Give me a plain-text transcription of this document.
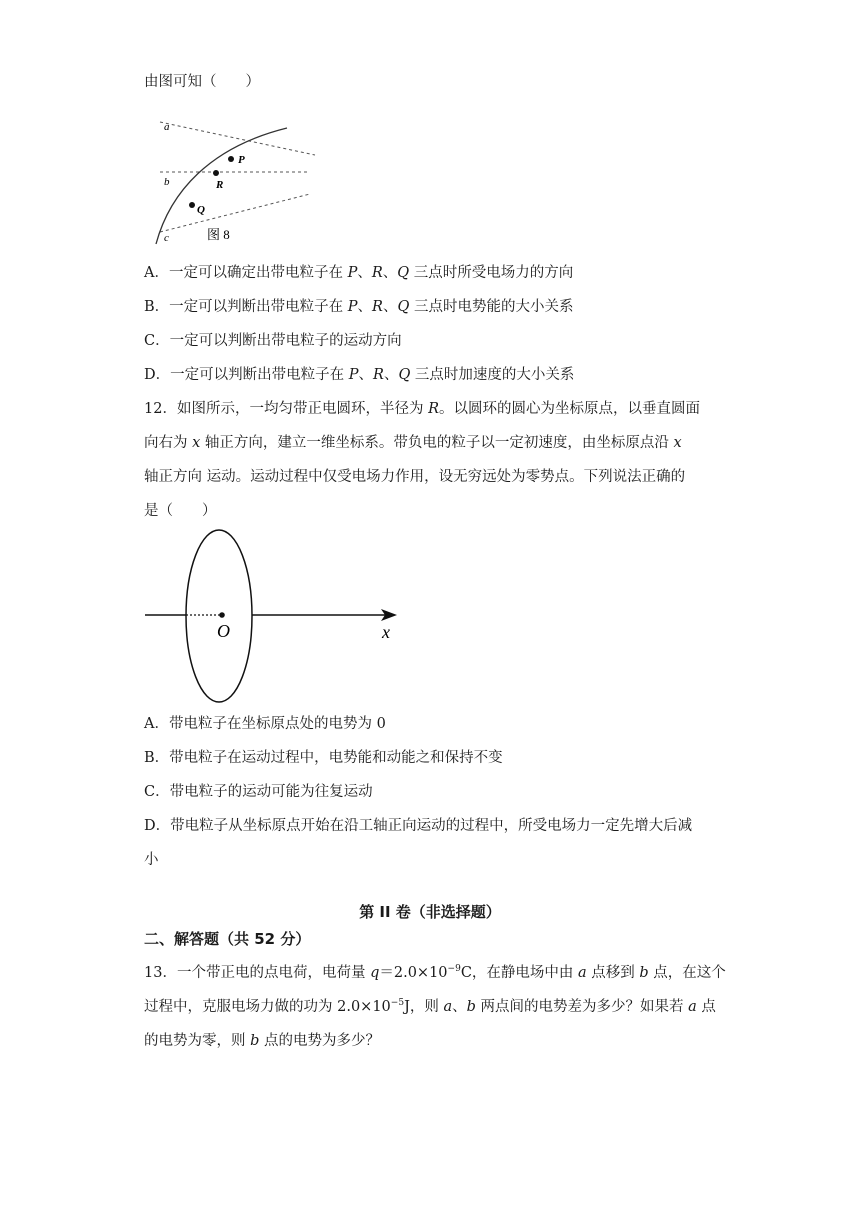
由图可知（　　）
a
b
c
P
R
Q
图 8
A．一定可以确定出带电粒子在 P、R、Q 三点时所受电场力的方向
B．一定可以判断出带电粒子在 P、R、Q 三点时电势能的大小关系
C．一定可以判断出带电粒子的运动方向
D．一定可以判断出带电粒子在 P、R、Q 三点时加速度的大小关系
12．如图所示，一均匀带正电圆环，半径为 R。以圆环的圆心为坐标原点，以垂直圆面
向右为 x 轴正方向，建立一维坐标系。带负电的粒子以一定初速度，由坐标原点沿 x
轴正方向 运动。运动过程中仅受电场力作用，设无穷远处为零势点。下列说法正确的
是（　　）
O	x
A．带电粒子在坐标原点处的电势为 0
B．带电粒子在运动过程中，电势能和动能之和保持不变
C．带电粒子的运动可能为往复运动
D．带电粒子从坐标原点开始在沿工轴正向运动的过程中，所受电场力一定先增大后减
小
第 II 卷（非选择题）
二、解答题（共 52 分）
13．一个带正电的点电荷，电荷量 $q=2.0\times 10^{-9}C$，在静电场中由 a 点移到 b 点，在这个
过程中，克服电场力做的功为 $2.0\times 10^{-5}J$，则 a、b 两点间的电势差为多少？如果若 a 点
的电势为零，则 b 点的电势为多少？
